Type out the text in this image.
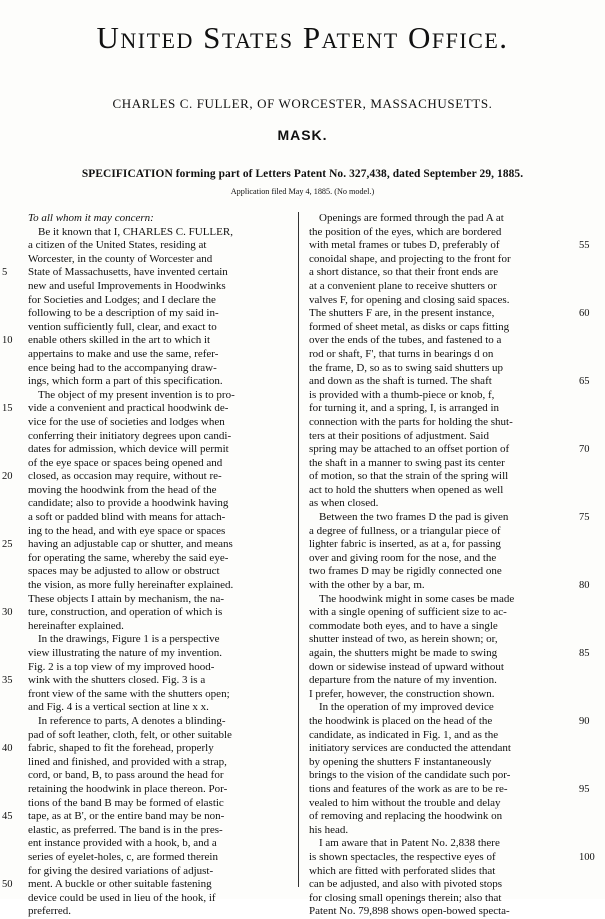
United States Patent Office.
CHARLES C. FULLER, OF WORCESTER, MASSACHUSETTS.
MASK.
SPECIFICATION forming part of Letters Patent No. 327,438, dated September 29, 1885.
Application filed May 4, 1885. (No model.)
To all whom it may concern:
Be it known that I, CHARLES C. FULLER,
a citizen of the United States, residing at
Worcester, in the county of Worcester and
State of Massachusetts, have invented certain
new and useful Improvements in Hoodwinks
for Societies and Lodges; and I declare the
following to be a description of my said in-
vention sufficiently full, clear, and exact to
enable others skilled in the art to which it
appertains to make and use the same, refer-
ence being had to the accompanying draw-
ings, which form a part of this specification.
The object of my present invention is to pro-
vide a convenient and practical hoodwink de-
vice for the use of societies and lodges when
conferring their initiatory degrees upon candi-
dates for admission, which device will permit
of the eye space or spaces being opened and
closed, as occasion may require, without re-
moving the hoodwink from the head of the
candidate; also to provide a hoodwink having
a soft or padded blind with means for attach-
ing to the head, and with eye space or spaces
having an adjustable cap or shutter, and means
for operating the same, whereby the said eye-
spaces may be adjusted to allow or obstruct
the vision, as more fully hereinafter explained.
These objects I attain by mechanism, the na-
ture, construction, and operation of which is
hereinafter explained.
In the drawings, Figure 1 is a perspective
view illustrating the nature of my invention.
Fig. 2 is a top view of my improved hood-
wink with the shutters closed. Fig. 3 is a
front view of the same with the shutters open;
and Fig. 4 is a vertical section at line x x.
In reference to parts, A denotes a blinding-
pad of soft leather, cloth, felt, or other suitable
fabric, shaped to fit the forehead, properly
lined and finished, and provided with a strap,
cord, or band, B, to pass around the head for
retaining the hoodwink in place thereon. Por-
tions of the band B may be formed of elastic
tape, as at B', or the entire band may be non-
elastic, as preferred. The band is in the pres-
ent instance provided with a hook, b, and a
series of eyelet-holes, c, are formed therein
for giving the desired variations of adjust-
ment. A buckle or other suitable fastening
device could be used in lieu of the hook, if
preferred.
Openings are formed through the pad A at
the position of the eyes, which are bordered
with metal frames or tubes D, preferably of
conoidal shape, and projecting to the front for
a short distance, so that their front ends are
at a convenient plane to receive shutters or
valves F, for opening and closing said spaces.
The shutters F are, in the present instance,
formed of sheet metal, as disks or caps fitting
over the ends of the tubes, and fastened to a
rod or shaft, F', that turns in bearings d on
the frame, D, so as to swing said shutters up
and down as the shaft is turned. The shaft
is provided with a thumb-piece or knob, f,
for turning it, and a spring, I, is arranged in
connection with the parts for holding the shut-
ters at their positions of adjustment. Said
spring may be attached to an offset portion of
the shaft in a manner to swing past its center
of motion, so that the strain of the spring will
act to hold the shutters when opened as well
as when closed.
Between the two frames D the pad is given
a degree of fullness, or a triangular piece of
lighter fabric is inserted, as at a, for passing
over and giving room for the nose, and the
two frames D may be rigidly connected one
with the other by a bar, m.
The hoodwink might in some cases be made
with a single opening of sufficient size to ac-
commodate both eyes, and to have a single
shutter instead of two, as herein shown; or,
again, the shutters might be made to swing
down or sidewise instead of upward without
departure from the nature of my invention.
I prefer, however, the construction shown.
In the operation of my improved device
the hoodwink is placed on the head of the
candidate, as indicated in Fig. 1, and as the
initiatory services are conducted the attendant
by opening the shutters F instantaneously
brings to the vision of the candidate such por-
tions and features of the work as are to be re-
vealed to him without the trouble and delay
of removing and replacing the hoodwink on
his head.
I am aware that in Patent No. 2,838 there
is shown spectacles, the respective eyes of
which are fitted with perforated slides that
can be adjusted, and also with pivoted stops
for closing small openings therein; also that
Patent No. 79,898 shows open-bowed specta-
5
10
15
20
25
30
35
40
45
50
55
60
65
70
75
80
85
90
95
100
